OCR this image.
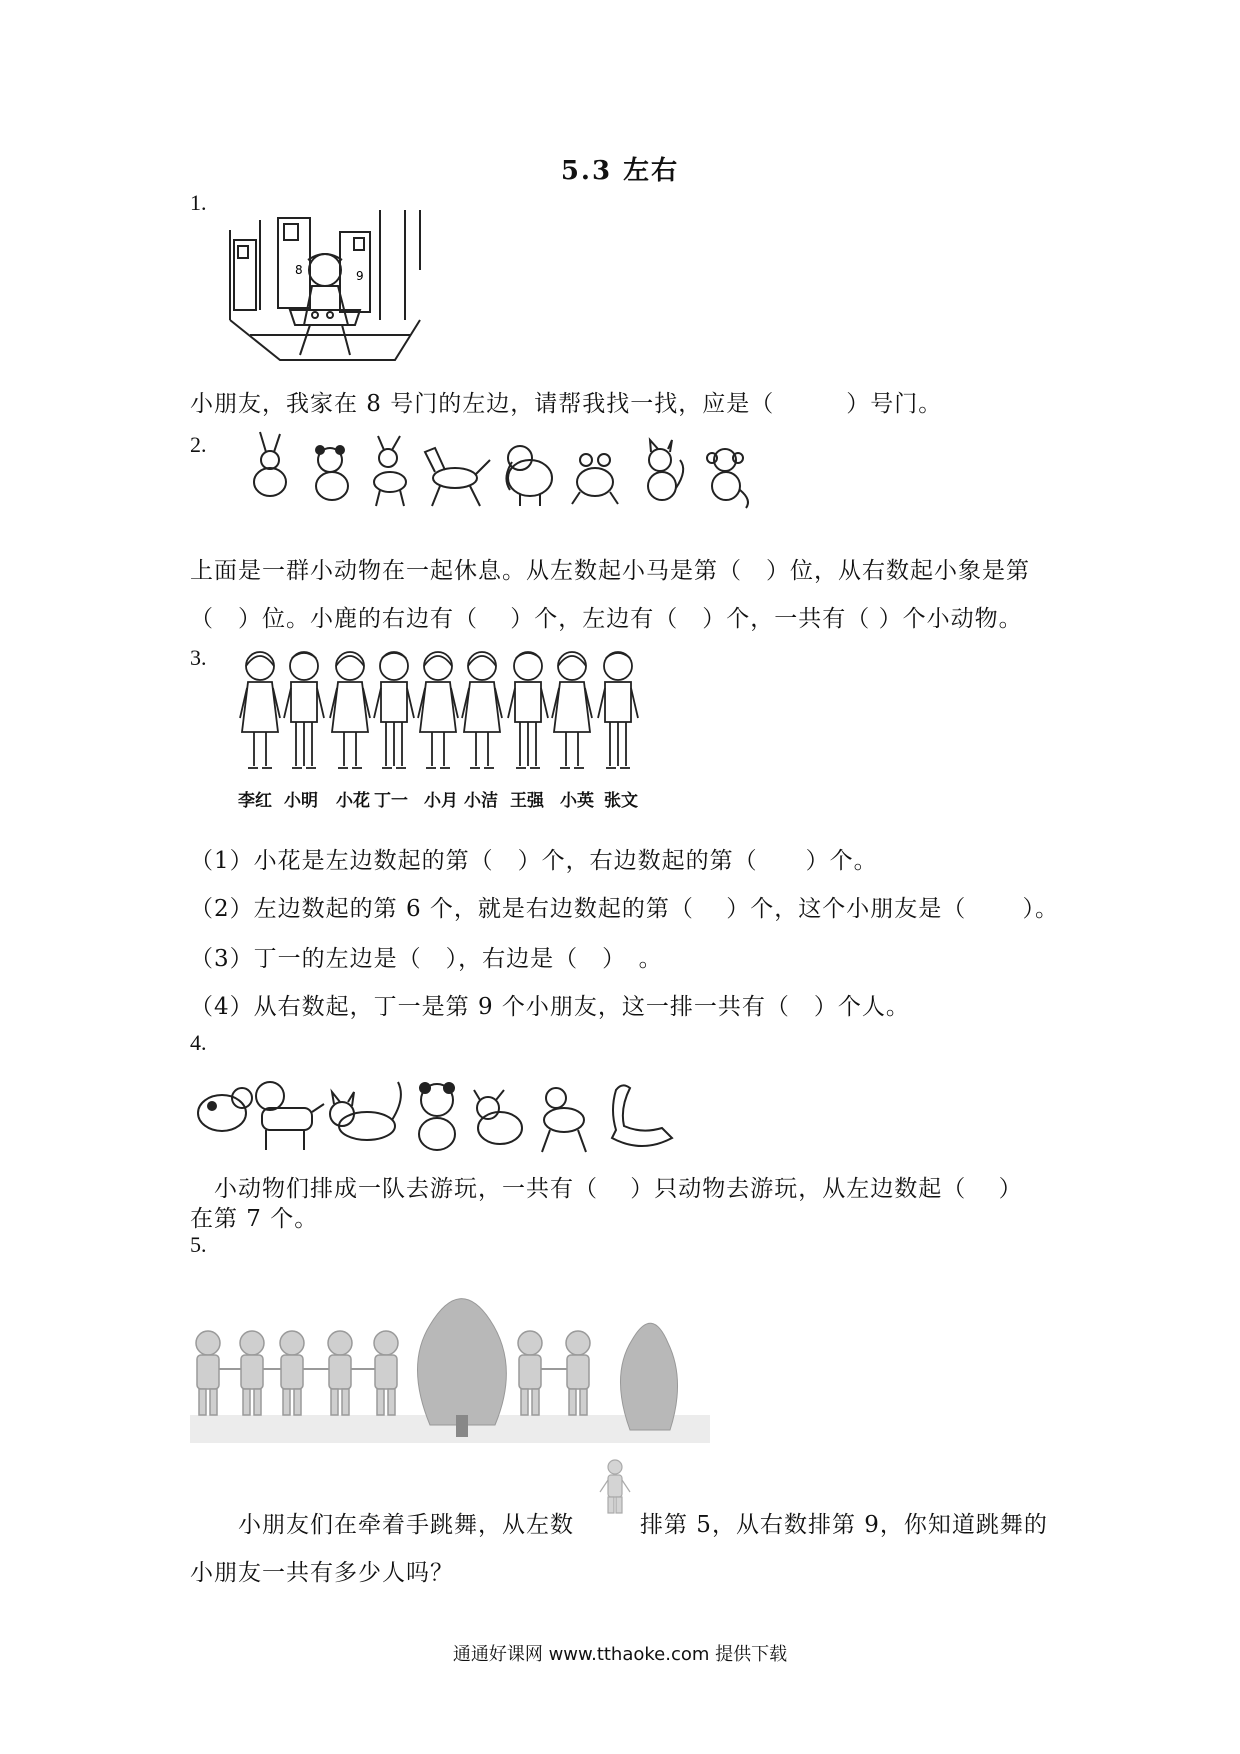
5.3 左右
1.
8	9
小朋友，我家在 8 号门的左边，请帮我找一找，应是（　　　）号门。
2.
上面是一群小动物在一起休息。从左数起小马是第（　）位，从右数起小象是第
（　）位。小鹿的右边有（　 ）个，左边有（　）个，一共有（ ）个小动物。
3.
李红 小明 小花 丁一 小月 小洁 王强 小英 张文
（1）小花是左边数起的第（　）个，右边数起的第（　　）个。
（2）左边数起的第 6 个，就是右边数起的第（　 ）个，这个小朋友是（　　 ）。
（3）丁一的左边是（　），右边是（　）　。
（4）从右数起，丁一是第 9 个小朋友，这一排一共有（　）个人。
4.
　小动物们排成一队去游玩，一共有（　 ）只动物去游玩，从左边数起（　 ）
在第 7 个。
5.
　　小朋友们在牵着手跳舞，从左数	排第 5，从右数排第 9，你知道跳舞的
小朋友一共有多少人吗？
通通好课网 www.tthaoke.com 提供下载
